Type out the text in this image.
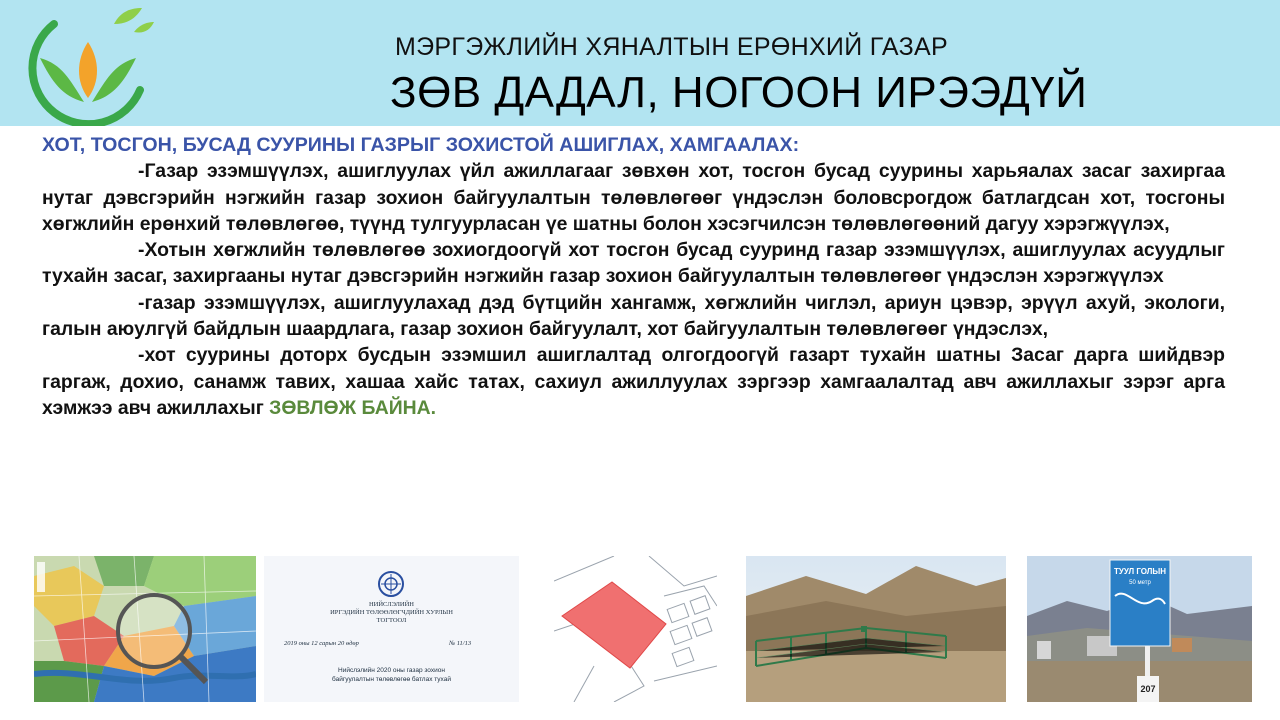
МЭРГЭЖЛИЙН ХЯНАЛТЫН ЕРӨНХИЙ ГАЗАР
ЗӨВ ДАДАЛ, НОГООН ИРЭЭДҮЙ
ХОТ, ТОСГОН, БУСАД СУУРИНЫ ГАЗРЫГ ЗОХИСТОЙ АШИГЛАХ, ХАМГААЛАХ:
-Газар эзэмшүүлэх, ашиглуулах үйл ажиллагааг зөвхөн хот, тосгон бусад суурины харьяалах засаг захиргаа нутаг дэвсгэрийн нэгжийн газар зохион байгуулалтын төлөвлөгөөг үндэслэн боловсрогдож батлагдсан хот, тосгоны хөгжлийн ерөнхий төлөвлөгөө, түүнд тулгуурласан үе шатны болон хэсэгчилсэн төлөвлөгөөний дагуу хэрэгжүүлэх,
-Хотын хөгжлийн төлөвлөгөө зохиогдоогүй хот тосгон бусад сууринд газар эзэмшүүлэх, ашиглуулах асуудлыг тухайн засаг, захиргааны нутаг дэвсгэрийн нэгжийн газар зохион байгуулалтын төлөвлөгөөг үндэслэн хэрэгжүүлэх
-газар эзэмшүүлэх, ашиглуулахад дэд бүтцийн хангамж, хөгжлийн чиглэл, ариун цэвэр, эрүүл ахуй, экологи, галын аюулгүй байдлын шаардлага, газар зохион байгуулалт, хот байгуулалтын төлөвлөгөөг үндэслэх,
-хот суурины доторх бусдын эзэмшил ашиглалтад олгогдоогүй газарт тухайн шатны Засаг дарга шийдвэр гаргаж, дохио, санамж тавих, хашаа хайс татах, сахиул ажиллуулах зэргээр хамгаалалтад авч ажиллахыг зэрэг арга хэмжээ авч ажиллахыг ЗӨВЛӨЖ БАЙНА.
НИЙСЛЭЛИЙН
ИРГЭДИЙН ТӨЛӨӨЛӨГЧДИЙН ХУРЛЫН
ТОГТООЛ
2019 оны 12 сарын 20 өдөр	№ 11/13
Нийслэлийн 2020 оны газар зохион
байгуулалтын төлөвлөгөө батлах тухай
ТУУЛ ГОЛЫН
50 метр
207
